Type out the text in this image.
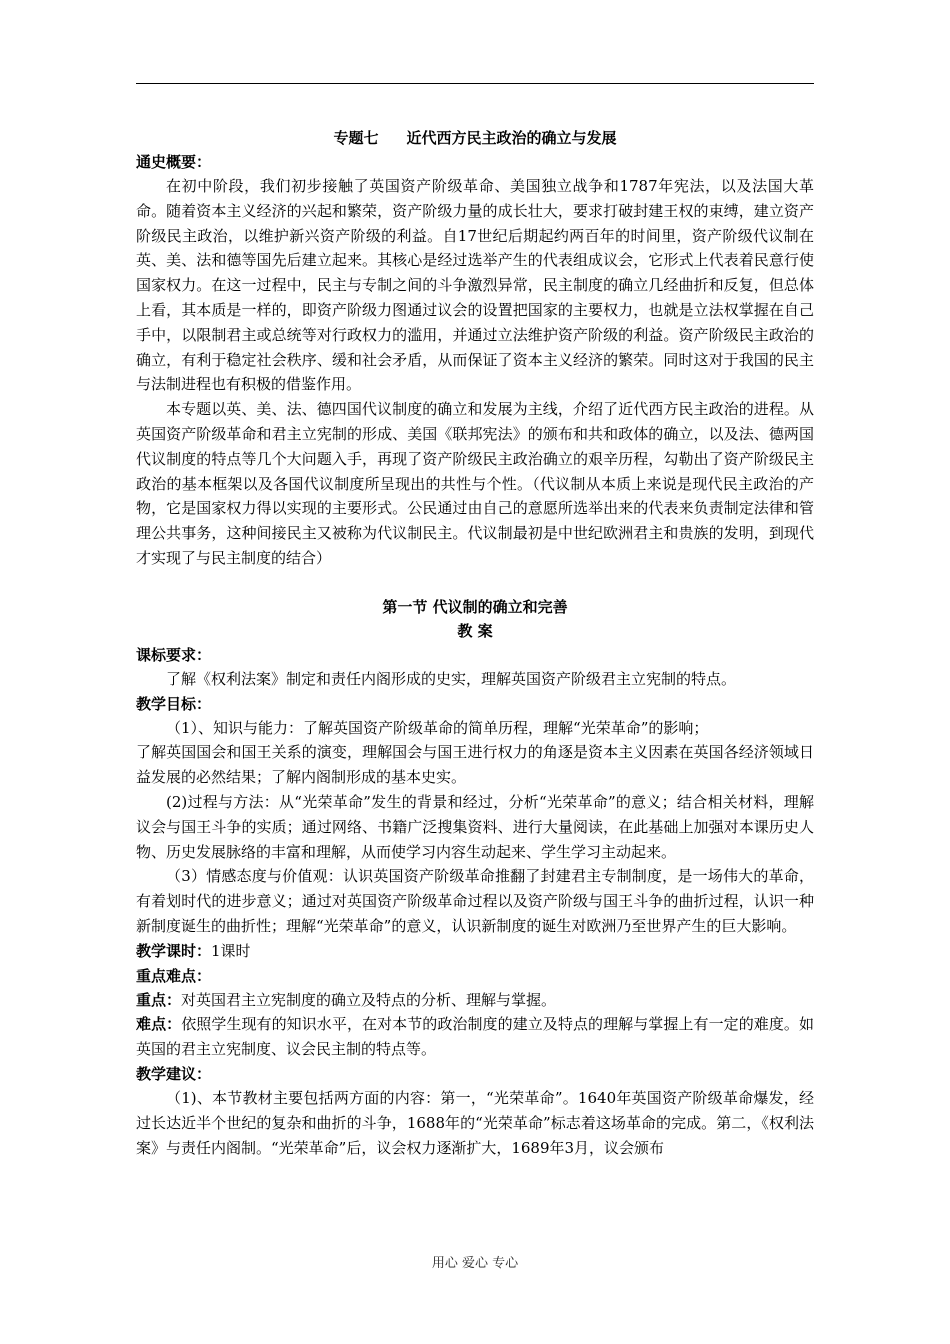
专题七 近代西方民主政治的确立与发展
通史概要：

在初中阶段，我们初步接触了英国资产阶级革命、美国独立战争和1787年宪法，以及法国大革命。随着资本主义经济的兴起和繁荣，资产阶级力量的成长壮大，要求打破封建王权的束缚，建立资产阶级民主政治，以维护新兴资产阶级的利益。自17世纪后期起约两百年的时间里，资产阶级代议制在英、美、法和德等国先后建立起来。其核心是经过选举产生的代表组成议会，它形式上代表着民意行使国家权力。在这一过程中，民主与专制之间的斗争激烈异常，民主制度的确立几经曲折和反复，但总体上看，其本质是一样的，即资产阶级力图通过议会的设置把国家的主要权力，也就是立法权掌握在自己手中，以限制君主或总统等对行政权力的滥用，并通过立法维护资产阶级的利益。资产阶级民主政治的确立，有利于稳定社会秩序、缓和社会矛盾，从而保证了资本主义经济的繁荣。同时这对于我国的民主与法制进程也有积极的借鉴作用。

本专题以英、美、法、德四国代议制度的确立和发展为主线，介绍了近代西方民主政治的进程。从英国资产阶级革命和君主立宪制的形成、美国《联邦宪法》的颁布和共和政体的确立，以及法、德两国代议制度的特点等几个大问题入手，再现了资产阶级民主政治确立的艰辛历程，勾勒出了资产阶级民主政治的基本框架以及各国代议制度所呈现出的共性与个性。（代议制从本质上来说是现代民主政治的产物，它是国家权力得以实现的主要形式。公民通过由自己的意愿所选举出来的代表来负责制定法律和管理公共事务，这种间接民主又被称为代议制民主。代议制最初是中世纪欧洲君主和贵族的发明，到现代才实现了与民主制度的结合）

第一节 代议制的确立和完善
教 案
课标要求：

了解《权利法案》制定和责任内阁形成的史实，理解英国资产阶级君主立宪制的特点。

教学目标：

（1）、知识与能力：了解英国资产阶级革命的简单历程，理解“光荣革命”的影响；

了解英国国会和国王关系的演变，理解国会与国王进行权力的角逐是资本主义因素在英国各经济领域日益发展的必然结果；了解内阁制形成的基本史实。

(2)过程与方法：从“光荣革命”发生的背景和经过，分析“光荣革命”的意义；结合相关材料，理解议会与国王斗争的实质；通过网络、书籍广泛搜集资料、进行大量阅读，在此基础上加强对本课历史人物、历史发展脉络的丰富和理解，从而使学习内容生动起来、学生学习主动起来。

（3）情感态度与价值观：认识英国资产阶级革命推翻了封建君主专制制度，是一场伟大的革命，有着划时代的进步意义；通过对英国资产阶级革命过程以及资产阶级与国王斗争的曲折过程，认识一种新制度诞生的曲折性；理解“光荣革命”的意义，认识新制度的诞生对欧洲乃至世界产生的巨大影响。

教学课时：1课时

重点难点：

重点：对英国君主立宪制度的确立及特点的分析、理解与掌握。

难点：依照学生现有的知识水平，在对本节的政治制度的建立及特点的理解与掌握上有一定的难度。如英国的君主立宪制度、议会民主制的特点等。

教学建议：

（1)、本节教材主要包括两方面的内容：第一，“光荣革命”。1640年英国资产阶级革命爆发，经过长达近半个世纪的复杂和曲折的斗争，1688年的“光荣革命”标志着这场革命的完成。第二，《权利法案》与责任内阁制。“光荣革命”后，议会权力逐渐扩大，1689年3月，议会颁布

用心 爱心 专心
